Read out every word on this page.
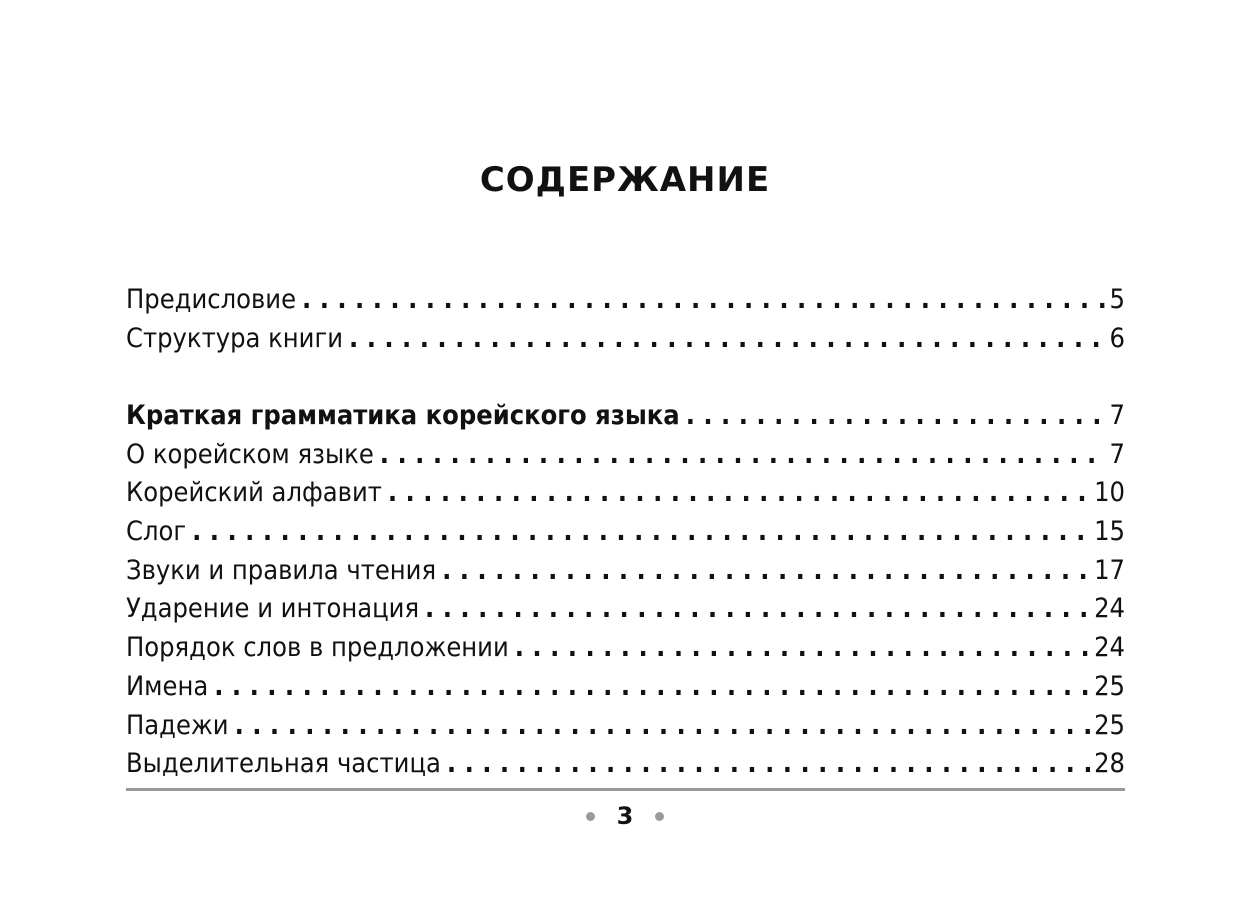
СОДЕРЖАНИЕ
Предисловие . . .	5
Структура книги . . .	6
Краткая грамматика корейского языка . . .	7
О корейском языке . . .	7
Корейский алфавит . . .	10
Слог . . .	15
Звуки и правила чтения . . .	17
Ударение и интонация . . .	24
Порядок слов в предложении . . .	24
Имена . . .	25
Падежи . . .	25
Выделительная частица . . .	28
3
